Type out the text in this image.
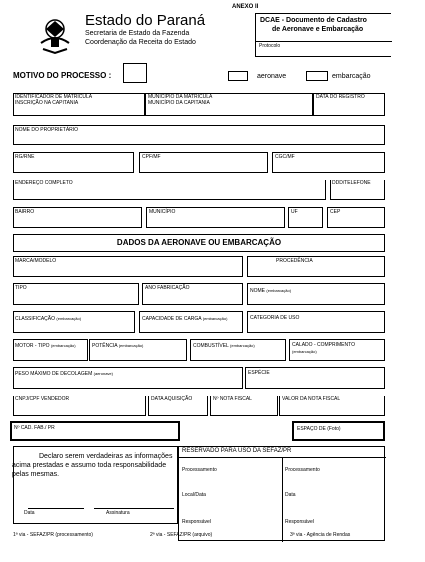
ANEXO II
Estado do Paraná
Secretaria de Estado da Fazenda
Coordenação da Receita do Estado
DCAE - Documento de Cadastro
de Aeronave e Embarcação
Protocolo
MOTIVO DO PROCESSO :	aeronave	embarcação
IDENTIFICADOR DE MATRÍCULA INSCRIÇÃO NA CAPITANIA
MUNICÍPIO DA MATRÍCULA MUNICÍPIO DA CAPITANIA
DATA DO REGISTRO
NOME DO PROPRIETÁRIO
RG/RNE	CPF/MF	CGC/MF
ENDEREÇO COMPLETO	DDD/TELEFONE
BAIRRO	MUNICÍPIO	UF	CEP
DADOS DA AERONAVE OU EMBARCAÇÃO
MARCA/MODELO	PROCEDÊNCIA
TIPO	ANO FABRICAÇÃO	NOME (embarcação)
CLASSIFICAÇÃO (embarcação)	CAPACIDADE DE CARGA (embarcação)	CATEGORIA DE USO
MOTOR - TIPO (embarcação)	POTÊNCIA (embarcação)	COMBUSTÍVEL (embarcação)	CALADO - COMPRIMENTO
(embarcação)
PESO MÁXIMO DE DECOLAGEM (aeronave)	ESPÉCIE
CNPJ/CPF VENDEDOR	DATA AQUISIÇÃO	Nº NOTA FISCAL	VALOR DA NOTA FISCAL
Nº CAD. FAB./ PR	ESPAÇO DE (Foto)
Declaro serem verdadeiras as informações
acima prestadas e assumo toda responsabilidade
pelas mesmas.
Data	Assinatura
RESERVADO PARA USO DA SEFAZ/PR
Processamento	Processamento
Local/Data	Data
Responsável	Responsável
1ª via - SEFAZ/PR (processamento)	2ª via - SEFAZ/PR (arquivo)	3ª via - Agência de Rendas
